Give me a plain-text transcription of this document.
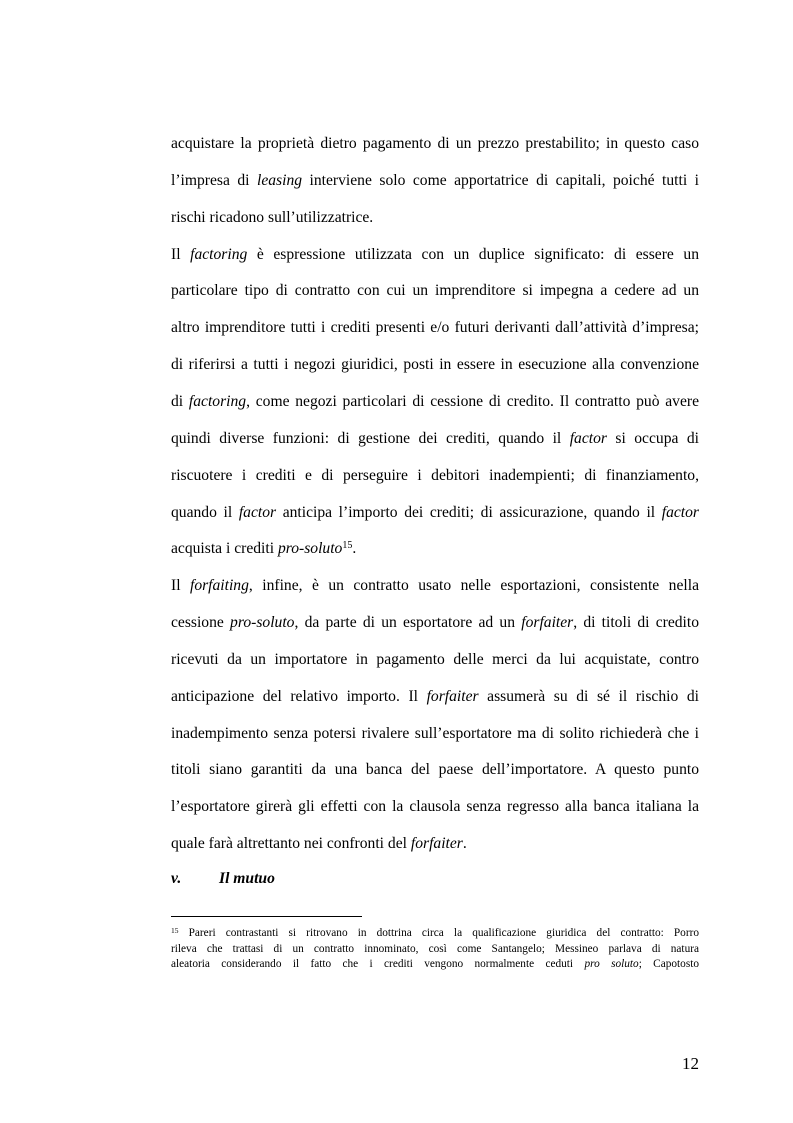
acquistare la proprietà dietro pagamento di un prezzo prestabilito; in questo caso
l’impresa di leasing interviene solo come apportatrice di capitali, poiché tutti i
rischi ricadono sull’utilizzatrice.
Il factoring è espressione utilizzata con un duplice significato: di essere un
particolare tipo di contratto con cui un imprenditore si impegna a cedere ad un
altro imprenditore tutti i crediti presenti e/o futuri derivanti dall’attività d’impresa;
di riferirsi a tutti i negozi giuridici, posti in essere in esecuzione alla convenzione
di factoring, come negozi particolari di cessione di credito. Il contratto può avere
quindi diverse funzioni: di gestione dei crediti, quando il factor si occupa di
riscuotere i crediti e di perseguire i debitori inadempienti; di finanziamento,
quando il factor anticipa l’importo dei crediti; di assicurazione, quando il factor
acquista i crediti pro-soluto$^{15}$.
Il forfaiting, infine, è un contratto usato nelle esportazioni, consistente nella
cessione pro-soluto, da parte di un esportatore ad un forfaiter, di titoli di credito
ricevuti da un importatore in pagamento delle merci da lui acquistate, contro
anticipazione del relativo importo. Il forfaiter assumerà su di sé il rischio di
inadempimento senza potersi rivalere sull’esportatore ma di solito richiederà che i
titoli siano garantiti da una banca del paese dell’importatore. A questo punto
l’esportatore girerà gli effetti con la clausola senza regresso alla banca italiana la
quale farà altrettanto nei confronti del forfaiter.
v. Il mutuo
$^{15}$ Pareri contrastanti si ritrovano in dottrina circa la qualificazione giuridica del contratto: Porro
rileva che trattasi di un contratto innominato, così come Santangelo; Messineo parlava di natura
aleatoria considerando il fatto che i crediti vengono normalmente ceduti pro soluto; Capotosto
12
